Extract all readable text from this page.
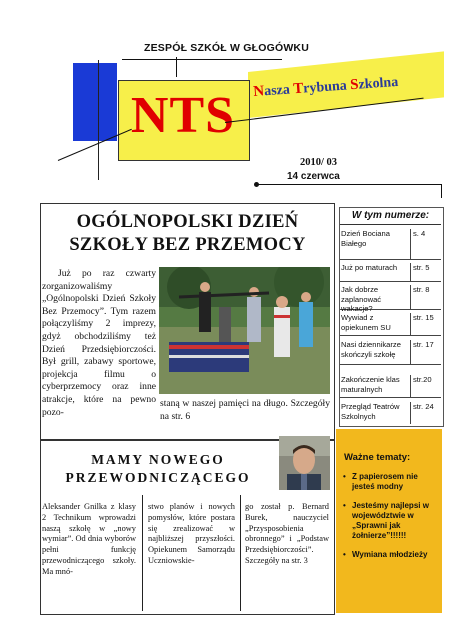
ZESPÓŁ SZKÓŁ W GŁOGÓWKU
NTS	Nasza Trybuna Szkolna
2010/ 03
14 czerwca
OGÓLNOPOLSKI DZIEŃ
SZKOŁY BEZ PRZEMOCY

Już po raz czwarty zorganizowaliśmy „Ogólnopolski Dzień Szkoły Bez Przemocy”. Tym razem połączyliśmy 2 imprezy, gdyż obchodziliśmy też Dzień Przedsiębiorczości. Był grill, zabawy sportowe, projekcja filmu o cyberprzemocy oraz inne atrakcje, które na pewno pozo-

staną w naszej pamięci na długo. Szczegóły na str. 6
W tym numerze:
Dzień Bociana Białego
s. 4
Już po maturach	str. 5
Jak dobrze zaplanować wakacje?
str. 8
Wywiad z opiekunem SU
str. 15
Nasi dziennikarze skończyli szkołę
str. 17
Zakończenie klas maturalnych
str.20
Przegląd Teatrów Szkolnych
str. 24
MAMY NOWEGO
PRZEWODNICZĄCEGO
Aleksander Gnilka z klasy 2 Technikum wprowadzi naszą szkołę w „nowy wymiar”. Od dnia wyborów pełni funkcję przewodniczącego szkoły. Ma mnó-
stwo planów i nowych pomysłów, które postara się zrealizować w najbliższej przyszłości. Opiekunem Samorządu Uczniowskie-
go został p. Bernard Burek, nauczyciel „Przysposobienia obronnego” i „Podstaw Przedsiębiorczości”. Szczegóły na str. 3
Ważne tematy:
• Z papierosem nie jesteś modny
• Jesteśmy najlepsi w województwie w „Sprawni jak żołnierze”!!!!!!
• Wymiana młodzieży
